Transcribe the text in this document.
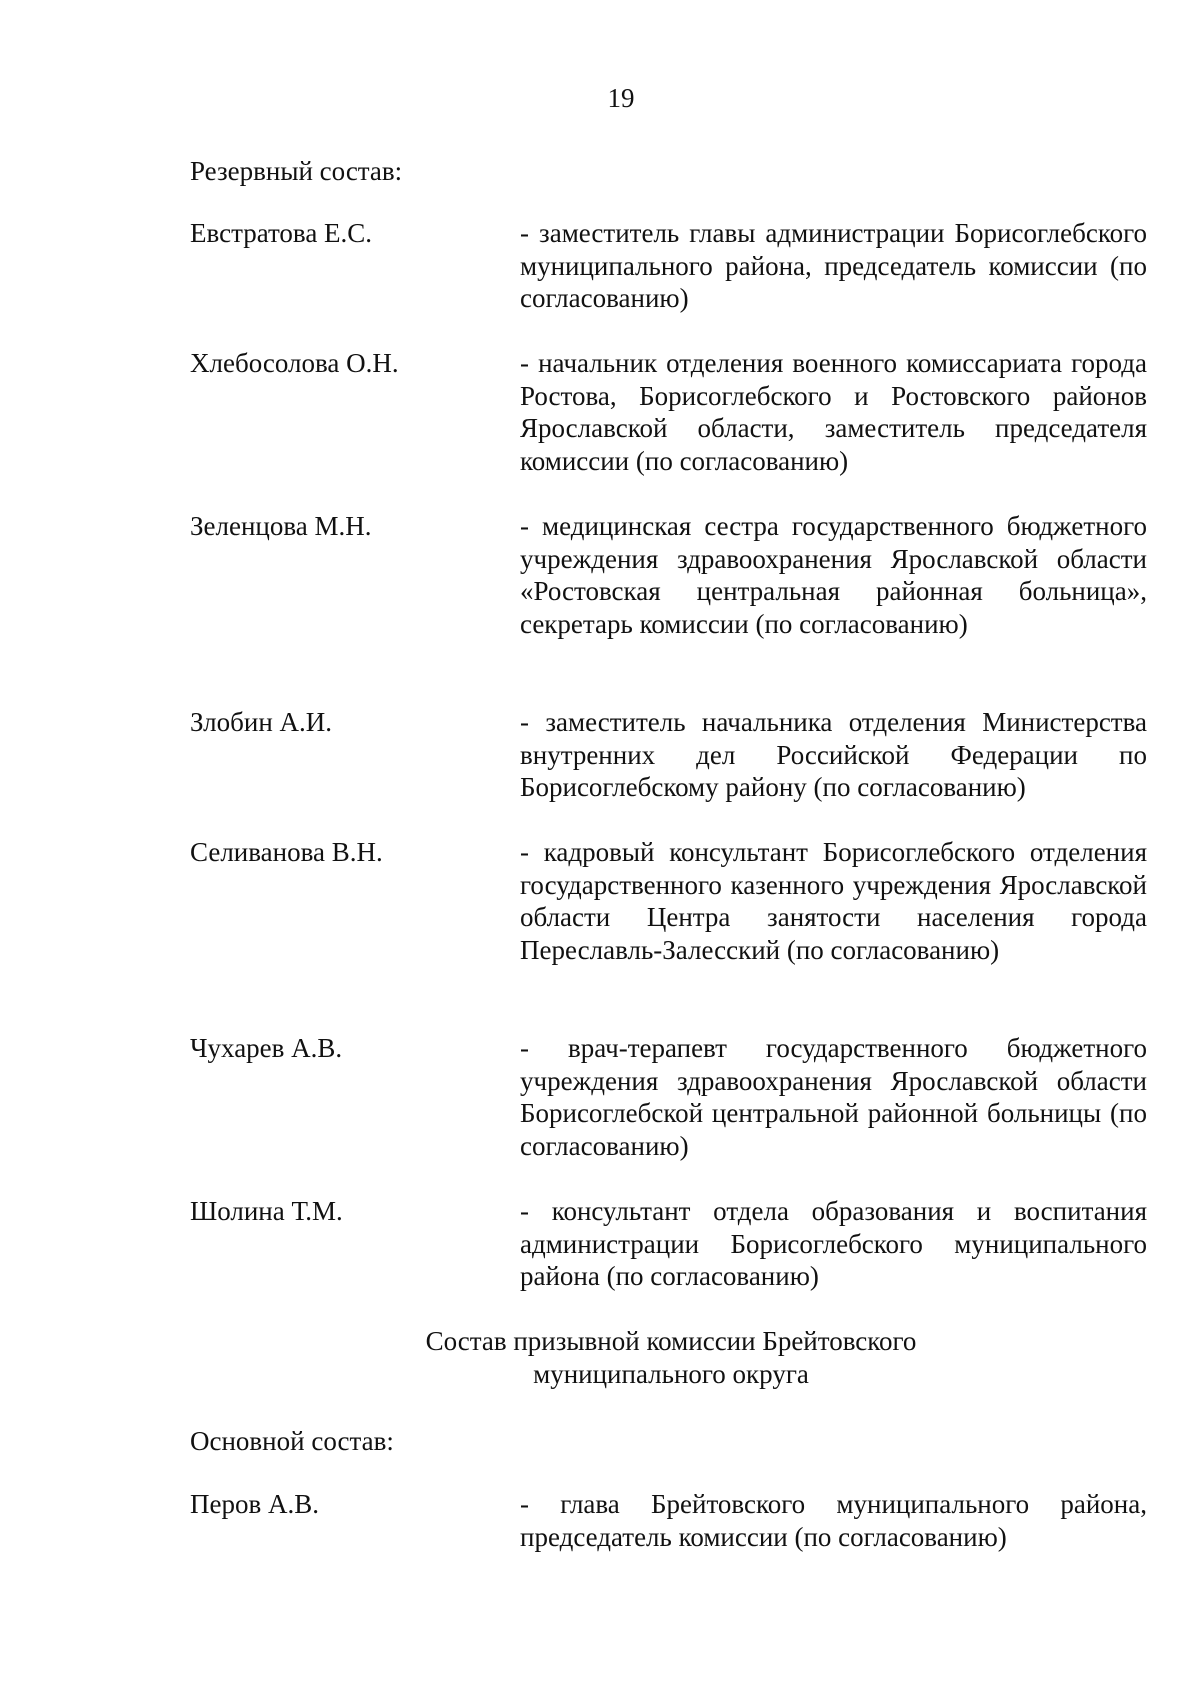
19
Резервный состав:
Евстратова Е.С.	- заместитель главы администрации Борисоглебского муниципального района, председатель комиссии (по согласованию)
Хлебосолова О.Н.	- начальник отделения военного комиссариата города Ростова, Борисоглебского и Ростовского районов Ярославской области, заместитель председателя комиссии (по согласованию)
Зеленцова М.Н.	- медицинская сестра государственного бюджетного учреждения здравоохранения Ярославской области «Ростовская центральная районная больница», секретарь комиссии (по согласованию)
Злобин А.И.	- заместитель начальника отделения Министерства внутренних дел Российской Федерации по Борисоглебскому району (по согласованию)
Селиванова В.Н.	- кадровый консультант Борисоглебского отделения государственного казенного учреждения Ярославской области Центра занятости населения города Переславль-Залесский (по согласованию)
Чухарев А.В.	- врач-терапевт государственного бюджетного учреждения здравоохранения Ярославской области Борисоглебской центральной районной больницы (по согласованию)
Шолина Т.М.	- консультант отдела образования и воспитания администрации Борисоглебского муниципального района (по согласованию)
Состав призывной комиссии Брейтовского
муниципального округа
Основной состав:
Перов А.В.	- глава Брейтовского муниципального района, председатель комиссии (по согласованию)
